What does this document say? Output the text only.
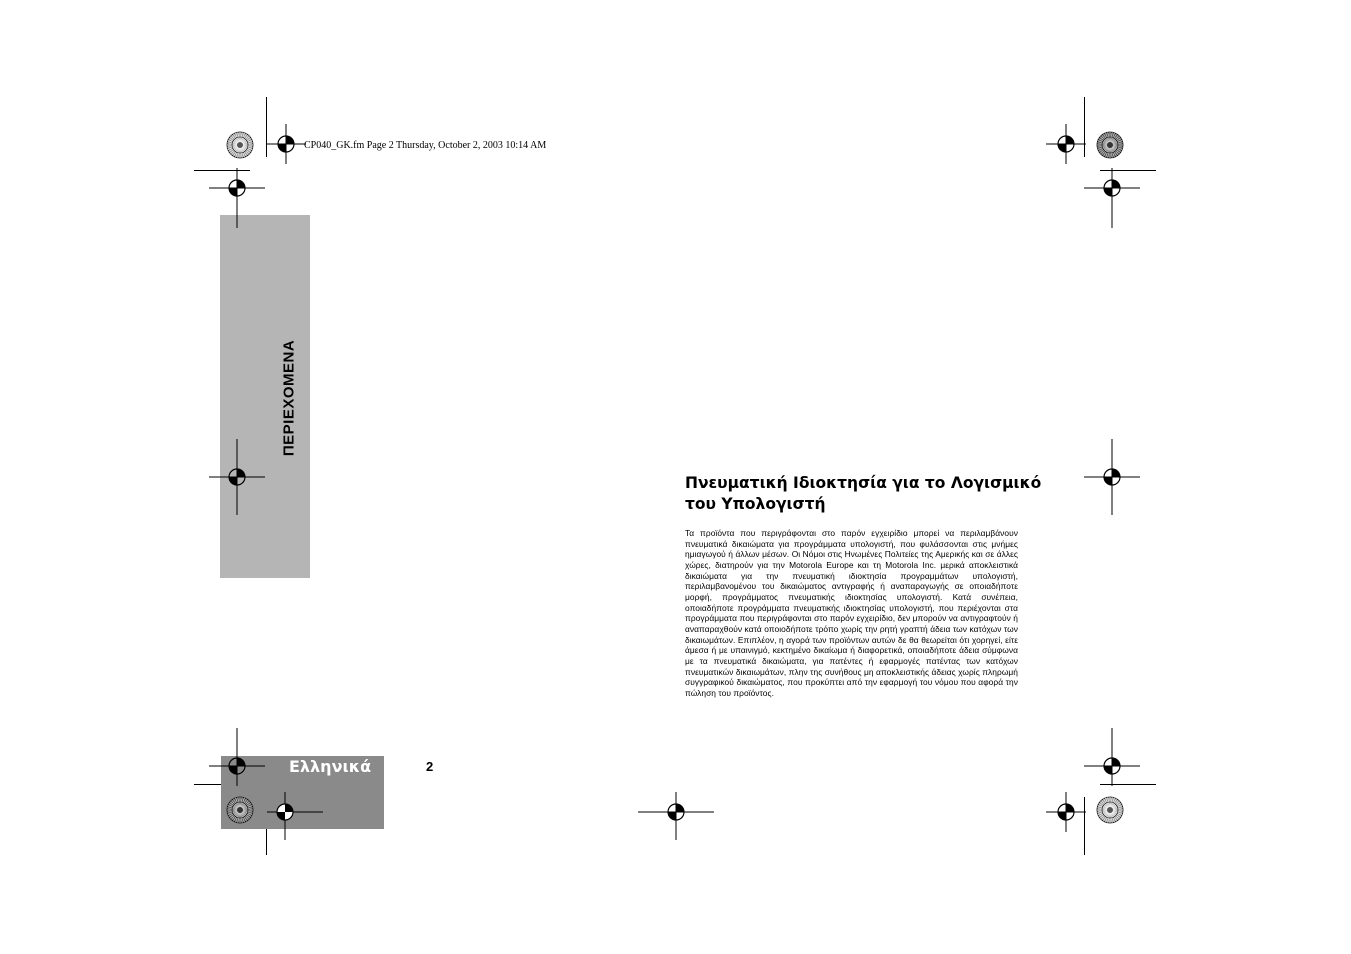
ΠΕΡΙΕΧΟΜΕΝΑ
Ελληνικά	2
CP040_GK.fm Page 2 Thursday, October 2, 2003 10:14 AM
Πνευματική Ιδιοκτησία για το Λογισμικό του Υπολογιστή
Τα προϊόντα που περιγράφονται στο παρόν εγχειρίδιο μπορεί να περιλαμβάνουν πνευματικά δικαιώματα για προγράμματα υπολογιστή, που φυλάσσονται στις μνήμες ημιαγωγού ή άλλων μέσων. Οι Νόμοι στις Ηνωμένες Πολιτείες της Αμερικής και σε άλλες χώρες, διατηρούν για την Motorola Europe και τη Motorola Inc. μερικά αποκλειστικά δικαιώματα για την πνευματική ιδιοκτησία προγραμμάτων υπολογιστή, περιλαμβανομένου του δικαιώματος αντιγραφής ή αναπαραγωγής σε οποιαδήποτε μορφή, προγράμματος πνευματικής ιδιοκτησίας υπολογιστή. Κατά συνέπεια, οποιαδήποτε προγράμματα πνευματικής ιδιοκτησίας υπολογιστή, που περιέχονται στα προγράμματα που περιγράφονται στο παρόν εγχειρίδιο, δεν μπορούν να αντιγραφτούν ή αναπαραχθούν κατά οποιοδήποτε τρόπο χωρίς την ρητή γραπτή άδεια των κατόχων των δικαιωμάτων. Επιπλέον, η αγορά των προϊόντων αυτών δε θα θεωρείται ότι χορηγεί, είτε άμεσα ή με υπαινιγμό, κεκτημένο δικαίωμα ή διαφορετικά, οποιαδήποτε άδεια σύμφωνα με τα πνευματικά δικαιώματα, για πατέντες ή εφαρμογές πατέντας των κατόχων πνευματικών δικαιωμάτων, πλην της συνήθους μη αποκλειστικής άδειας χωρίς πληρωμή συγγραφικού δικαιώματος, που προκύπτει από την εφαρμογή του νόμου που αφορά την πώληση του προϊόντος.
